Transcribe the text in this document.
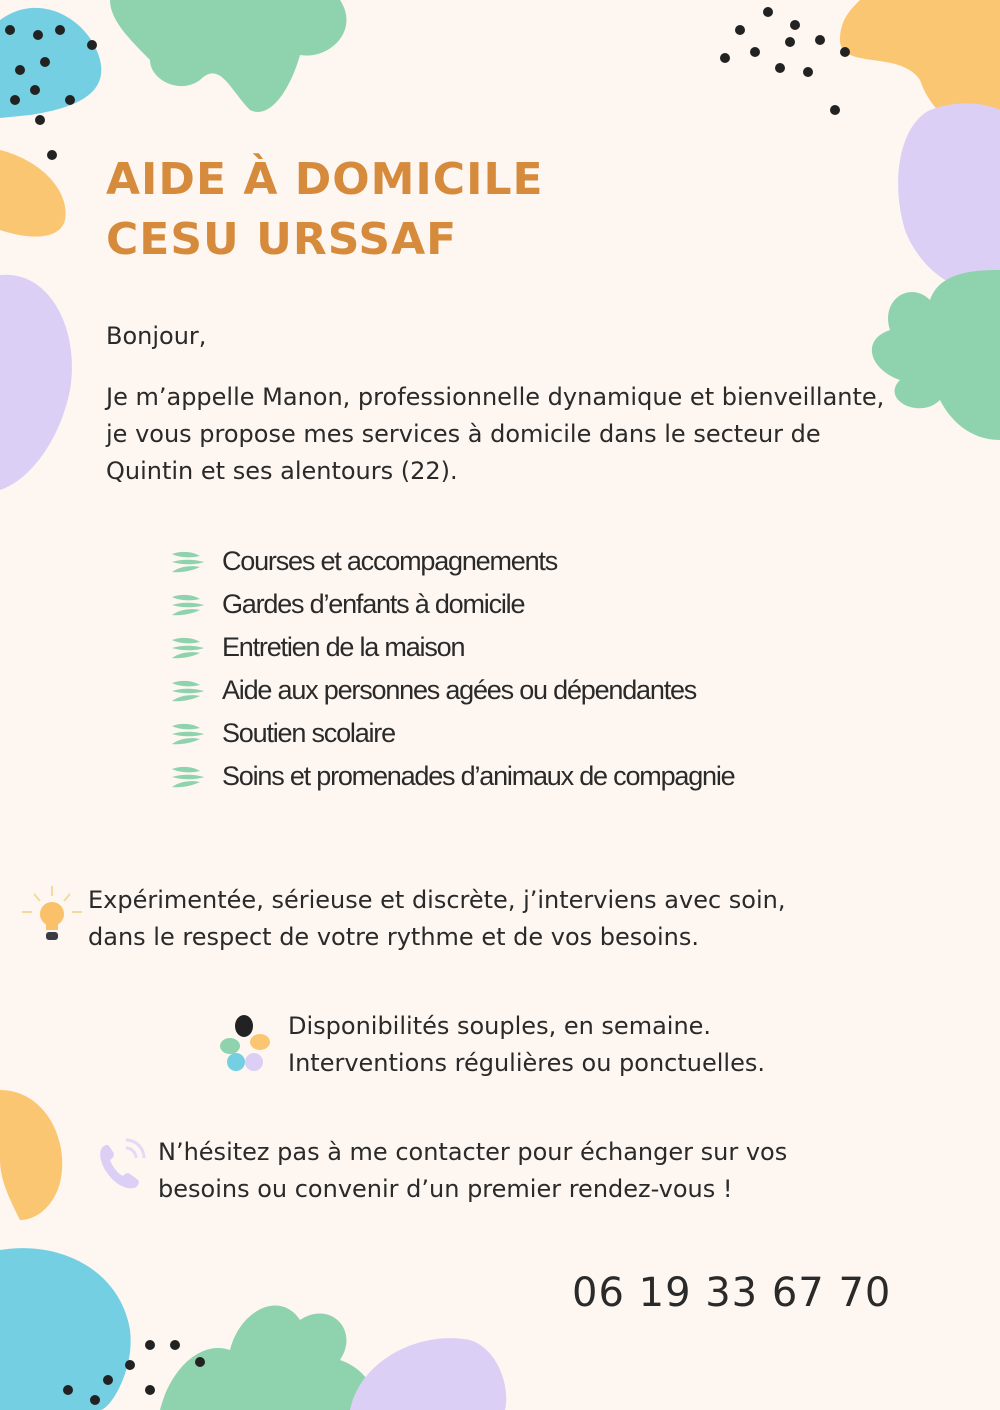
AIDE À DOMICILE
CESU URSSAF
Bonjour,
Je m’appelle Manon, professionnelle dynamique et bienveillante, je vous propose mes services à domicile dans le secteur de Quintin et ses alentours (22).
Courses et accompagnements
Gardes d’enfants à domicile
Entretien de la maison
Aide aux personnes agées ou dépendantes
Soutien scolaire
Soins et promenades d’animaux de compagnie
Expérimentée, sérieuse et discrète, j’interviens avec soin,
dans le respect de votre rythme et de vos besoins.
Disponibilités souples, en semaine.
Interventions régulières ou ponctuelles.
N’hésitez pas à me contacter pour échanger sur vos
besoins ou convenir d’un premier rendez-vous !
06 19 33 67 70
